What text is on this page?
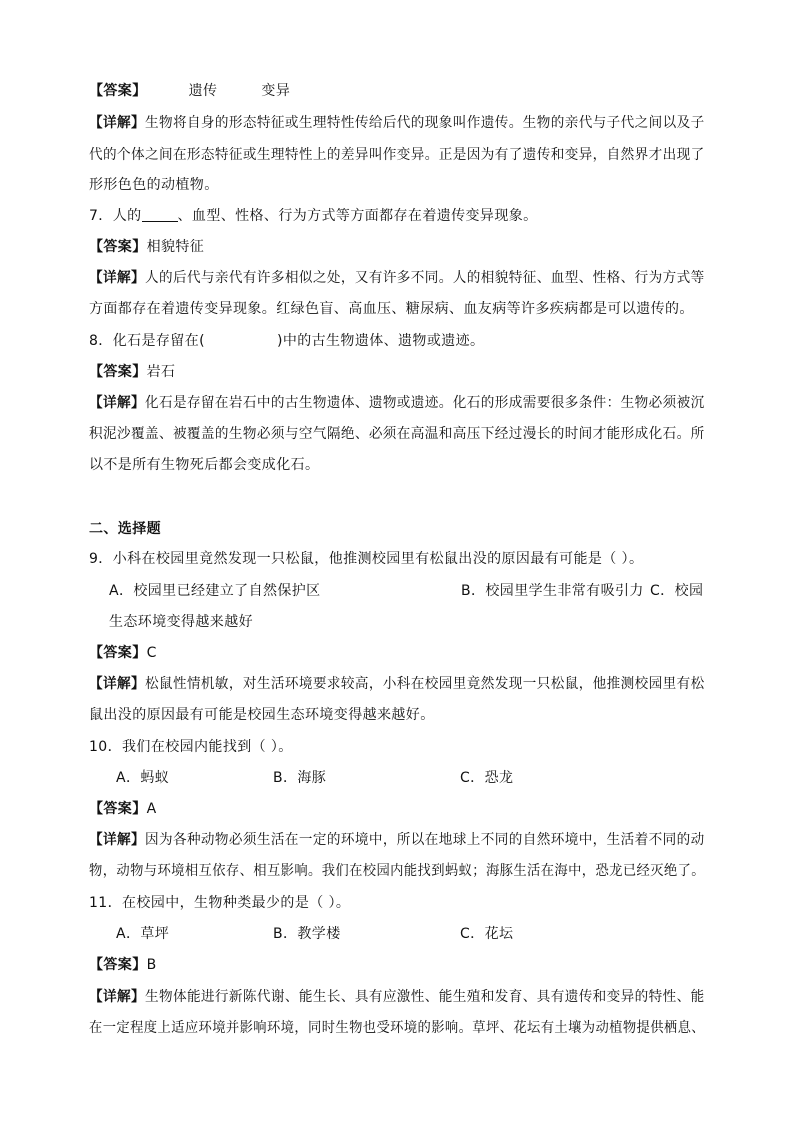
【答案】	遗传	变异
【详解】生物将自身的形态特征或生理特性传给后代的现象叫作遗传。生物的亲代与子代之间以及子
代的个体之间在形态特征或生理特性上的差异叫作变异。正是因为有了遗传和变异，自然界才出现了
形形色色的动植物。
7．人的	、血型、性格、行为方式等方面都存在着遗传变异现象。
【答案】相貌特征
【详解】人的后代与亲代有许多相似之处，又有许多不同。人的相貌特征、血型、性格、行为方式等
方面都存在着遗传变异现象。红绿色盲、高血压、糖尿病、血友病等许多疾病都是可以遗传的。
8．化石是存留在(	)中的古生物遗体、遗物或遗迹。
【答案】岩石
【详解】化石是存留在岩石中的古生物遗体、遗物或遗迹。化石的形成需要很多条件：生物必须被沉
积泥沙覆盖、被覆盖的生物必须与空气隔绝、必须在高温和高压下经过漫长的时间才能形成化石。所
以不是所有生物死后都会变成化石。
二、选择题
9．小科在校园里竟然发现一只松鼠，他推测校园里有松鼠出没的原因最有可能是（ ）。
A．校园里已经建立了自然保护区	B．校园里学生非常有吸引力 C．校园
生态环境变得越来越好
【答案】C
【详解】松鼠性情机敏，对生活环境要求较高，小科在校园里竟然发现一只松鼠，他推测校园里有松
鼠出没的原因最有可能是校园生态环境变得越来越好。
10．我们在校园内能找到（ ）。
A．蚂蚁	B．海豚	C．恐龙
【答案】A
【详解】因为各种动物必须生活在一定的环境中，所以在地球上不同的自然环境中，生活着不同的动
物，动物与环境相互依存、相互影响。我们在校园内能找到蚂蚁；海豚生活在海中，恐龙已经灭绝了。
11．在校园中，生物种类最少的是（ ）。
A．草坪	B．教学楼	C．花坛
【答案】B
【详解】生物体能进行新陈代谢、能生长、具有应激性、能生殖和发育、具有遗传和变异的特性、能
在一定程度上适应环境并影响环境，同时生物也受环境的影响。草坪、花坛有土壤为动植物提供栖息、
